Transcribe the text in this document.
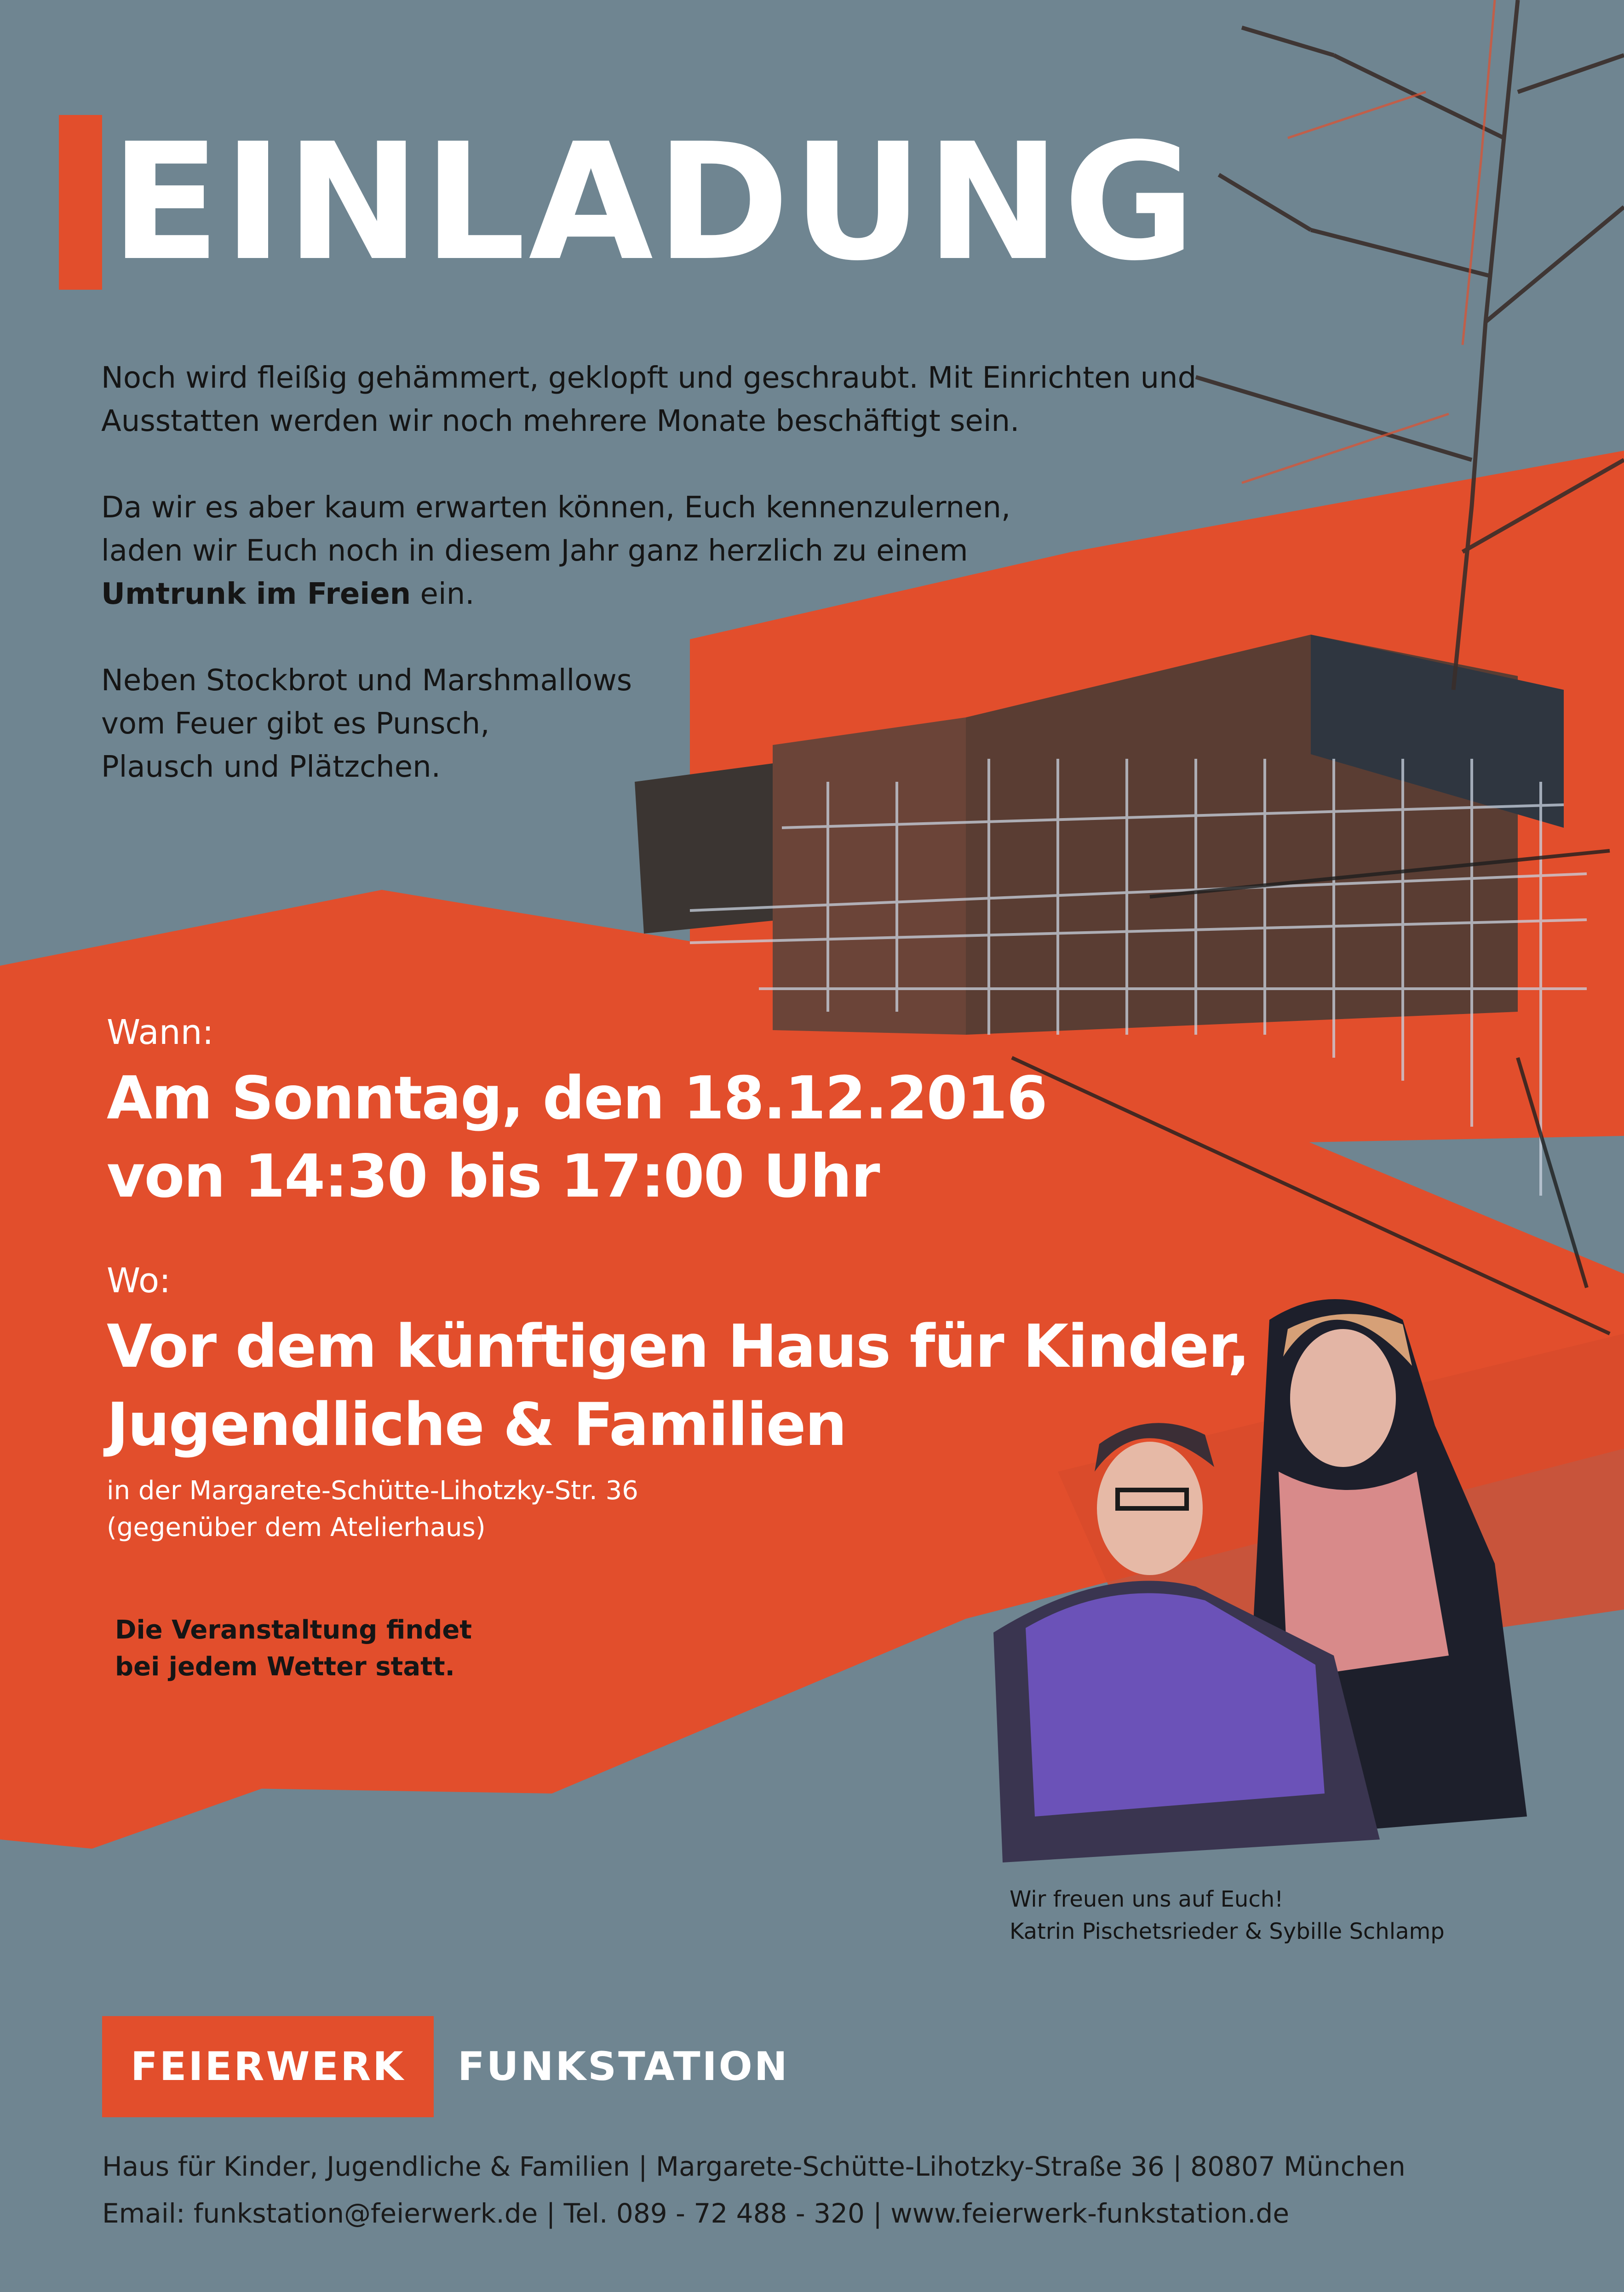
EINLADUNG

Noch wird fleißig gehämmert, geklopft und geschraubt. Mit Einrichten und
Ausstatten werden wir noch mehrere Monate beschäftigt sein.

Da wir es aber kaum erwarten können, Euch kennenzulernen,
laden wir Euch noch in diesem Jahr ganz herzlich zu einem
Umtrunk im Freien ein.

Neben Stockbrot und Marshmallows
vom Feuer gibt es Punsch,
Plausch und Plätzchen.

Wann:
Am Sonntag, den 18.12.2016
von 14:30 bis 17:00 Uhr
Wo:
Vor dem künftigen Haus für Kinder,
Jugendliche & Familien
in der Margarete-Schütte-Lihotzky-Str. 36
(gegenüber dem Atelierhaus)
Die Veranstaltung findet
bei jedem Wetter statt.
Wir freuen uns auf Euch!
Katrin Pischetsrieder & Sybille Schlamp
FEIERWERK	FUNKSTATION
Haus für Kinder, Jugendliche & Familien | Margarete-Schütte-Lihotzky-Straße 36 | 80807 München
Email: funkstation@feierwerk.de | Tel. 089 - 72 488 - 320 | www.feierwerk-funkstation.de
